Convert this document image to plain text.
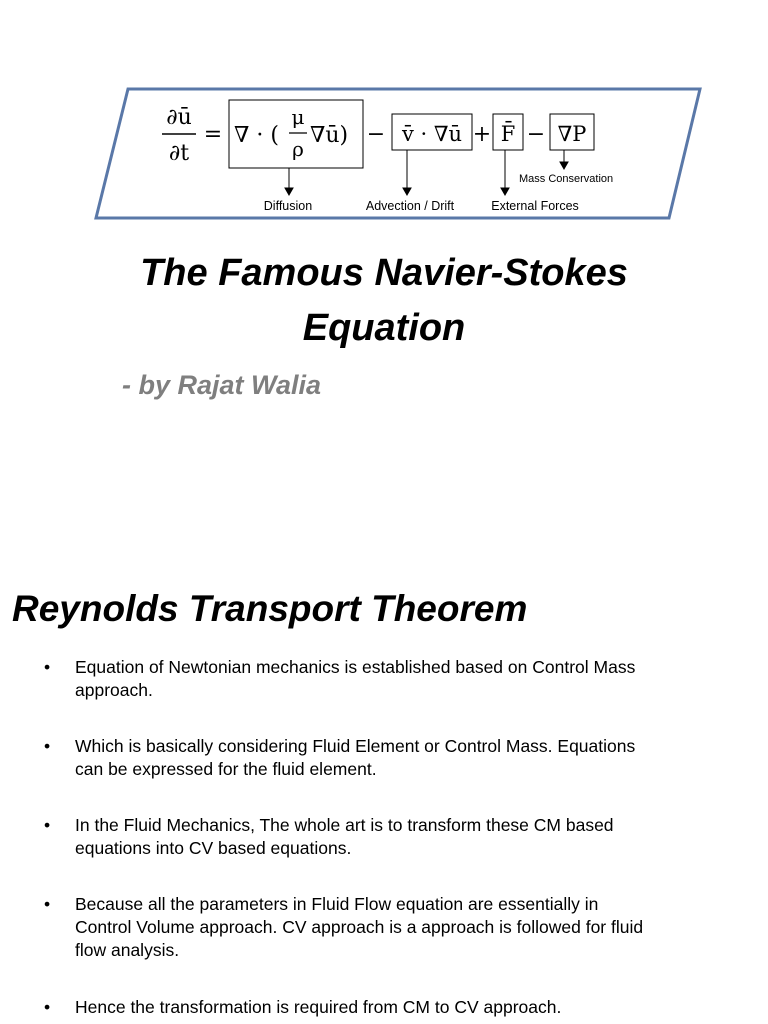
∂ū
∂t
= ∇ · (
μ
ρ
∇ū) − v̄ · ∇ū + F̄ − ∇P
Mass Conservation
Diffusion	Advection / Drift	External Forces
The Famous Navier-Stokes
Equation
- by Rajat Walia
Reynolds Transport Theorem
• Equation of Newtonian mechanics is established based on Control Mass
approach.
• Which is basically considering Fluid Element or Control Mass. Equations
can be expressed for the fluid element.
• In the Fluid Mechanics, The whole art is to transform these CM based
equations into CV based equations.
• Because all the parameters in Fluid Flow equation are essentially in
Control Volume approach. CV approach is a approach is followed for fluid
flow analysis.
• Hence the transformation is required from CM to CV approach.
